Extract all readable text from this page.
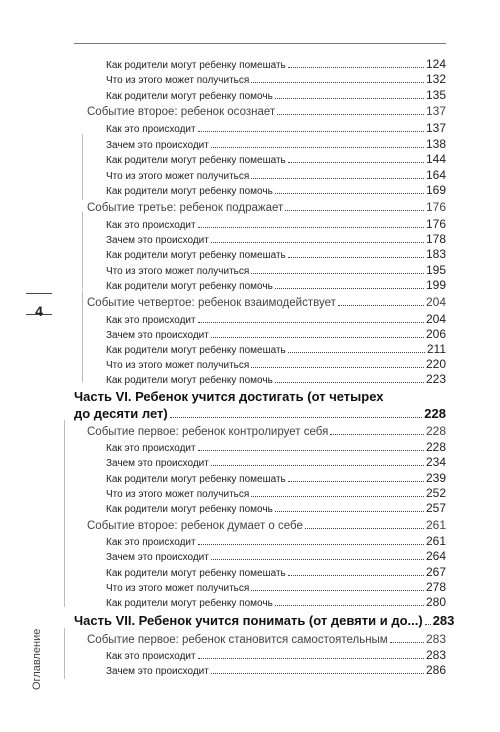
4
Оглавление
Как родители могут ребенку помешать	124
Что из этого может получиться	132
Как родители могут ребенку помочь	135
Событие второе: ребенок осознает	137
Как это происходит	137
Зачем это происходит	138
Как родители могут ребенку помешать	144
Что из этого может получиться	164
Как родители могут ребенку помочь	169
Событие третье: ребенок подражает	176
Как это происходит	176
Зачем это происходит	178
Как родители могут ребенку помешать	183
Что из этого может получиться	195
Как родители могут ребенку помочь	199
Событие четвертое: ребенок взаимодействует	204
Как это происходит	204
Зачем это происходит	206
Как родители могут ребенку помешать	211
Что из этого может получиться	220
Как родители могут ребенку помочь	223
Часть VI. Ребенок учится достигать (от четырех
до десяти лет)	228
Событие первое: ребенок контролирует себя	228
Как это происходит	228
Зачем это происходит	234
Как родители могут ребенку помешать	239
Что из этого может получиться	252
Как родители могут ребенку помочь	257
Событие второе: ребенок думает о себе	261
Как это происходит	261
Зачем это происходит	264
Как родители могут ребенку помешать	267
Что из этого может получиться	278
Как родители могут ребенку помочь	280
Часть VII. Ребенок учится понимать (от девяти и до...) 283
Событие первое: ребенок становится самостоятельным	283
Как это происходит	283
Зачем это происходит	286
